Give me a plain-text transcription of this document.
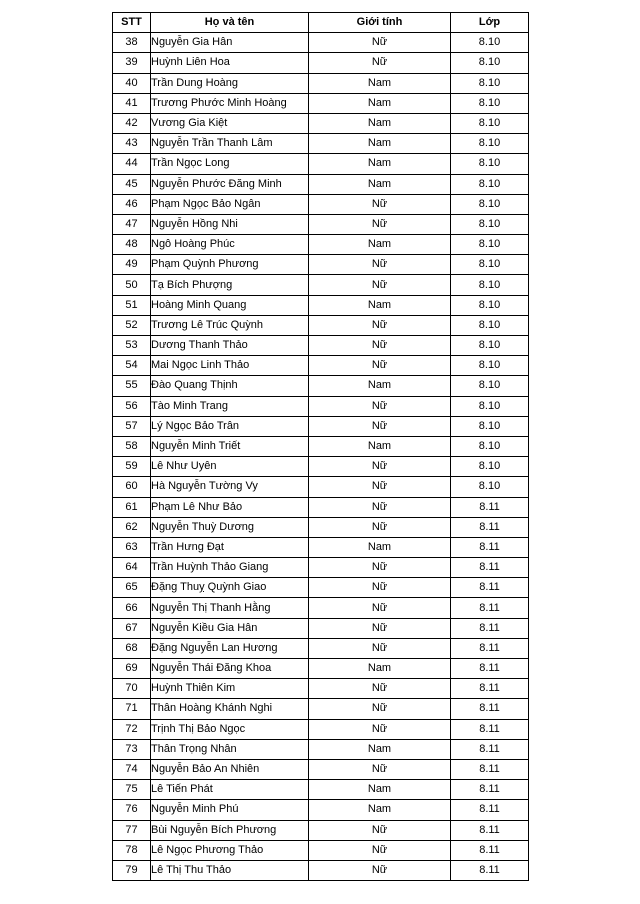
STT	Họ và tên	Giới tính	Lớp
38	Nguyễn Gia Hân	Nữ	8.10
39	Huỳnh Liên Hoa	Nữ	8.10
40	Trần Dung Hoàng	Nam	8.10
41	Trương Phước Minh Hoàng	Nam	8.10
42	Vương Gia Kiệt	Nam	8.10
43	Nguyễn Trần Thanh Lâm	Nam	8.10
44	Trần Ngọc Long	Nam	8.10
45	Nguyễn Phước Đăng Minh	Nam	8.10
46	Phạm Ngọc Bảo Ngân	Nữ	8.10
47	Nguyễn Hồng Nhi	Nữ	8.10
48	Ngô Hoàng Phúc	Nam	8.10
49	Phạm Quỳnh Phương	Nữ	8.10
50	Tạ Bích Phượng	Nữ	8.10
51	Hoàng Minh Quang	Nam	8.10
52	Trương Lê Trúc Quỳnh	Nữ	8.10
53	Dương Thanh Thảo	Nữ	8.10
54	Mai Ngọc Linh Thảo	Nữ	8.10
55	Đào Quang Thịnh	Nam	8.10
56	Tào Minh Trang	Nữ	8.10
57	Lý Ngọc Bảo Trân	Nữ	8.10
58	Nguyễn Minh Triết	Nam	8.10
59	Lê Như Uyên	Nữ	8.10
60	Hà Nguyễn Tường Vy	Nữ	8.10
61	Phạm Lê Như Bảo	Nữ	8.11
62	Nguyễn Thuỳ Dương	Nữ	8.11
63	Trần Hưng Đạt	Nam	8.11
64	Trần Huỳnh Thảo Giang	Nữ	8.11
65	Đặng Thuỵ Quỳnh Giao	Nữ	8.11
66	Nguyễn Thị Thanh Hằng	Nữ	8.11
67	Nguyễn Kiều Gia Hân	Nữ	8.11
68	Đặng Nguyễn Lan Hương	Nữ	8.11
69	Nguyễn Thái Đăng Khoa	Nam	8.11
70	Huỳnh Thiên Kim	Nữ	8.11
71	Thân Hoàng Khánh Nghi	Nữ	8.11
72	Trịnh Thị Bảo Ngọc	Nữ	8.11
73	Thân Trọng Nhân	Nam	8.11
74	Nguyễn Bảo An Nhiên	Nữ	8.11
75	Lê Tiến Phát	Nam	8.11
76	Nguyễn Minh Phú	Nam	8.11
77	Bùi Nguyễn Bích Phương	Nữ	8.11
78	Lê Ngọc Phương Thảo	Nữ	8.11
79	Lê Thị Thu Thảo	Nữ	8.11
